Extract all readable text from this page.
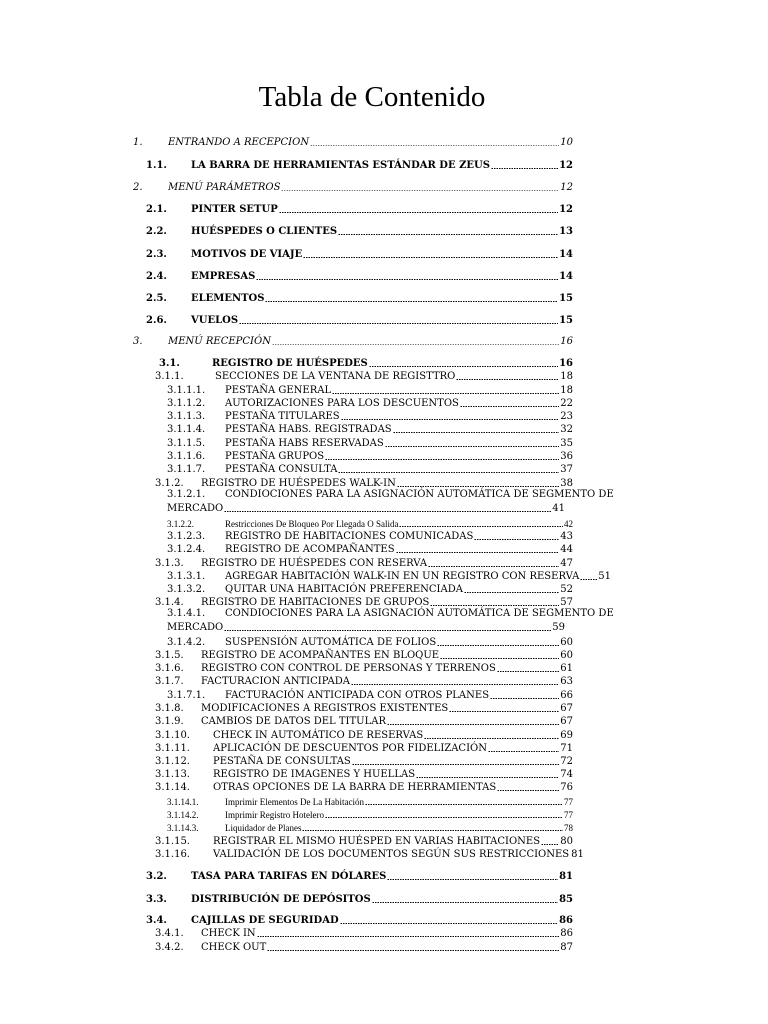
Tabla de Contenido
1.	ENTRANDO A RECEPCION	10
1.1.	LA BARRA DE HERRAMIENTAS ESTÁNDAR DE ZEUS	12
2.	MENÚ PARÁMETROS	12
2.1.	PINTER SETUP	12
2.2.	HUÉSPEDES O CLIENTES	13
2.3.	MOTIVOS DE VIAJE	14
2.4.	EMPRESAS	14
2.5.	ELEMENTOS	15
2.6.	VUELOS	15
3.	MENÚ RECEPCIÓN	16
3.1.	REGISTRO DE HUÉSPEDES	16
3.1.1.	SECCIONES DE LA VENTANA DE REGISTTRO	18
3.1.1.1.	PESTAÑA GENERAL	18
3.1.1.2.	AUTORIZACIONES PARA LOS DESCUENTOS	22
3.1.1.3.	PESTAÑA TITULARES	23
3.1.1.4.	PESTAÑA HABS. REGISTRADAS	32
3.1.1.5.	PESTAÑA HABS RESERVADAS	35
3.1.1.6.	PESTAÑA GRUPOS	36
3.1.1.7.	PESTAÑA CONSULTA	37
3.1.2.	REGISTRO DE HUÉSPEDES WALK-IN	38
3.1.2.1. CONDIOCIONES PARA LA ASIGNACIÓN AUTOMÁTICA DE SEGMENTO DE
MERCADO	41
3.1.2.2.	Restricciones De Bloqueo Por Llegada O Salida	42
3.1.2.3.	REGISTRO DE HABITACIONES COMUNICADAS	43
3.1.2.4.	REGISTRO DE ACOMPAÑANTES	44
3.1.3.	REGISTRO DE HUÉSPEDES CON RESERVA	47
3.1.3.1.	AGREGAR HABITACIÓN WALK-IN EN UN REGISTRO CON RESERVA 51
3.1.3.2.	QUITAR UNA HABITACIÓN PREFERENCIADA	52
3.1.4.	REGISTRO DE HABITACIONES DE GRUPOS	57
3.1.4.1. CONDIOCIONES PARA LA ASIGNACIÓN AUTOMÁTICA DE SEGMENTO DE
MERCADO	59
3.1.4.2.	SUSPENSIÓN AUTOMÁTICA DE FOLIOS	60
3.1.5.	REGISTRO DE ACOMPAÑANTES EN BLOQUE	60
3.1.6.	REGISTRO CON CONTROL DE PERSONAS Y TERRENOS	61
3.1.7.	FACTURACION ANTICIPADA	63
3.1.7.1.	FACTURACIÓN ANTICIPADA CON OTROS PLANES	66
3.1.8.	MODIFICACIONES A REGISTROS EXISTENTES	67
3.1.9.	CAMBIOS DE DATOS DEL TITULAR	67
3.1.10.	CHECK IN AUTOMÁTICO DE RESERVAS	69
3.1.11.	APLICACIÓN DE DESCUENTOS POR FIDELIZACIÓN	71
3.1.12.	PESTAÑA DE CONSULTAS	72
3.1.13.	REGISTRO DE IMAGENES Y HUELLAS	74
3.1.14.	OTRAS OPCIONES DE LA BARRA DE HERRAMIENTAS	76
3.1.14.1.	Imprimir Elementos De La Habitación	77
3.1.14.2.	Imprimir Registro Hotelero	77
3.1.14.3.	Liquidador de Planes	78
3.1.15.	REGISTRAR EL MISMO HUÉSPED EN VARIAS HABITACIONES 80
3.1.16.	VALIDACIÓN DE LOS DOCUMENTOS SEGÚN SUS RESTRICCIONES 81
3.2.	TASA PARA TARIFAS EN DÓLARES	81
3.3.	DISTRIBUCIÓN DE DEPÓSITOS	85
3.4.	CAJILLAS DE SEGURIDAD	86
3.4.1.	CHECK IN	86
3.4.2.	CHECK OUT	87
